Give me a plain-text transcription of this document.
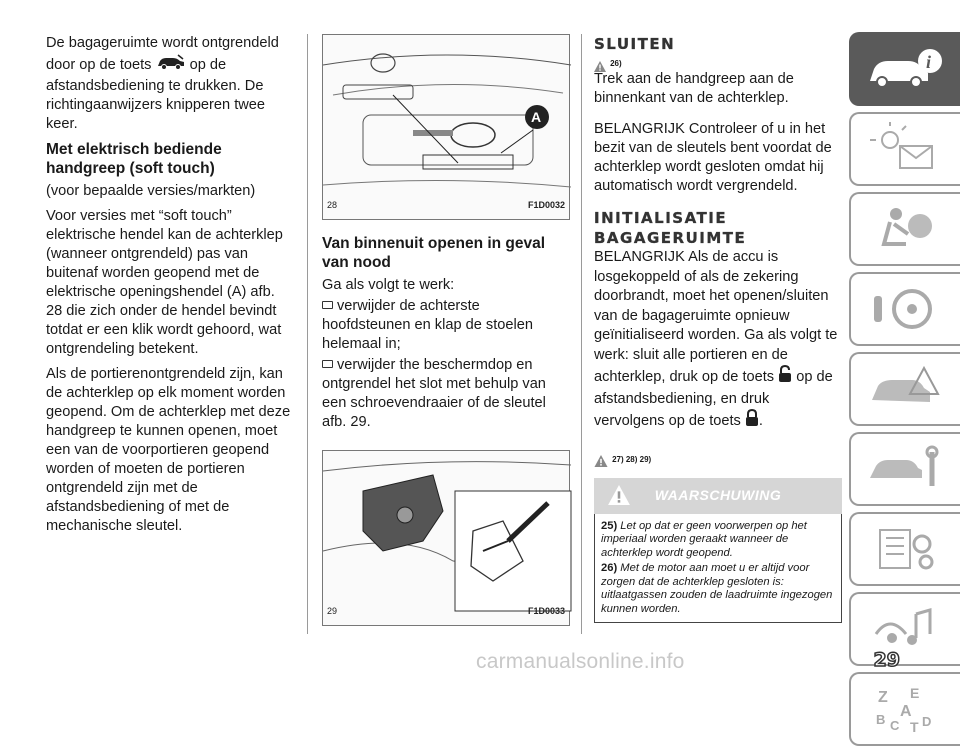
De bagageruimte wordt ontgrendeld door op de toets	op de afstandsbediening te drukken. De richtingaanwijzers knipperen twee keer.

Met elektrisch bediende handgreep (soft touch)

(voor bepaalde versies/markten)

Voor versies met “soft touch” elektrische hendel kan de achterklep (wanneer ontgrendeld) pas van buitenaf worden geopend met de elektrische openingshendel (A) afb. 28 die zich onder de hendel bevindt totdat er een klik wordt gehoord, wat ontgrendeling betekent.

Als de portierenontgrendeld zijn, kan de achterklep op elk moment worden geopend. Om de achterklep met deze handgreep te kunnen openen, moet een van de voorportieren geopend worden of moeten de portieren ontgrendeld zijn met de afstandsbediening of met de mechanische sleutel.

A
28	F1D0032
Van binnenuit openen in geval van nood

Ga als volgt te werk:

verwijder de achterste hoofdsteunen en klap de stoelen helemaal in;

verwijder the beschermdop en ontgrendel het slot met behulp van een schroevendraaier of de sleutel afb. 29.

29	F1D0033
SLUITEN
$^{26)}$

Trek aan de handgreep aan de binnenkant van de achterklep.

BELANGRIJK Controleer of u in het bezit van de sleutels bent voordat de achterklep wordt gesloten omdat hij automatisch wordt vergrendeld.

INITIALISATIE
BAGAGERUIMTE

BELANGRIJK Als de accu is losgekoppeld of als de zekering doorbrandt, moet het openen/sluiten van de bagageruimte opnieuw geïnitialiseerd worden. Ga als volgt te werk: sluit alle portieren en de achterklep, druk op de toets op de afstandsbediening, en druk vervolgens op de toets .

$^{27) 28) 29)}$
WAARSCHUWING

25) Let op dat er geen voorwerpen op het imperiaal worden geraakt wanneer de achterklep wordt geopend.

26) Met de motor aan moet u er altijd voor zorgen dat de achterklep gesloten is: uitlaatgassen zouden de laadruimte ingezogen kunnen worden.

i
Z E
A
B C T D
29
carmanualsonline.info
